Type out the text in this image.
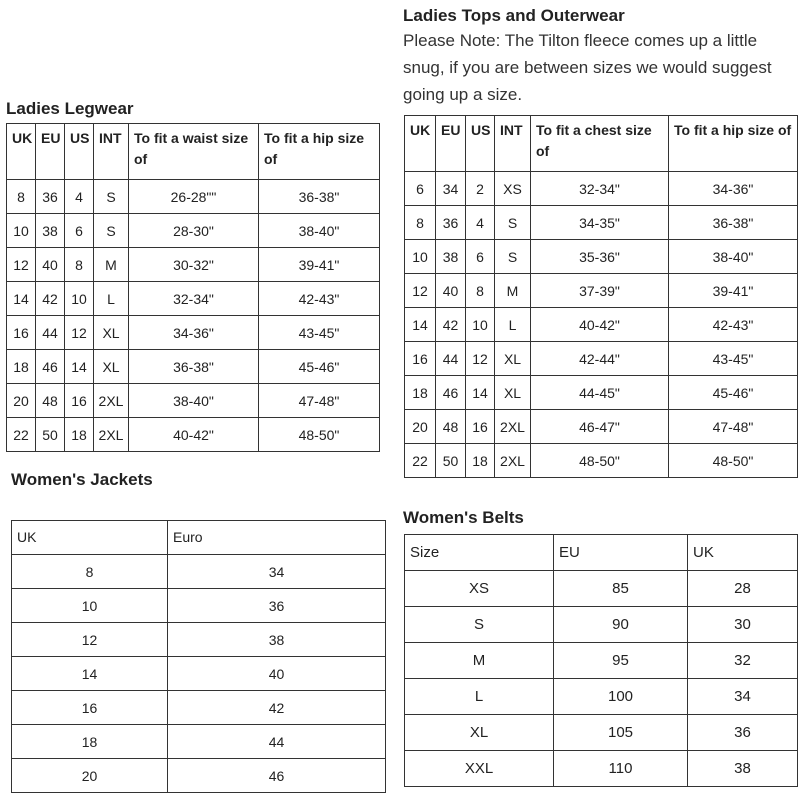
Ladies Legwear
UK	EU	US	INT	To fit a waist size of	To fit a hip size of
8	36	4	S	26-28""	36-38"
10	38	6	S	28-30"	38-40"
12	40	8	M	30-32"	39-41"
14	42	10	L	32-34"	42-43"
16	44	12	XL	34-36"	43-45"
18	46	14	XL	36-38"	45-46"
20	48	16	2XL	38-40"	47-48"
22	50	18	2XL	40-42"	48-50"
Ladies Tops and Outerwear
Please Note: The Tilton fleece comes up a little snug, if you are between sizes we would suggest going up a size.
UK	EU	US	INT	To fit a chest size of	To fit a hip size of
6	34	2	XS	32-34"	34-36"
8	36	4	S	34-35"	36-38"
10	38	6	S	35-36"	38-40"
12	40	8	M	37-39"	39-41"
14	42	10	L	40-42"	42-43"
16	44	12	XL	42-44"	43-45"
18	46	14	XL	44-45"	45-46"
20	48	16	2XL	46-47"	47-48"
22	50	18	2XL	48-50"	48-50"
Women's Jackets
UK	Euro
8	34
10	36
12	38
14	40
16	42
18	44
20	46
Women's Belts
Size	EU	UK
XS	85	28
S	90	30
M	95	32
L	100	34
XL	105	36
XXL	110	38
